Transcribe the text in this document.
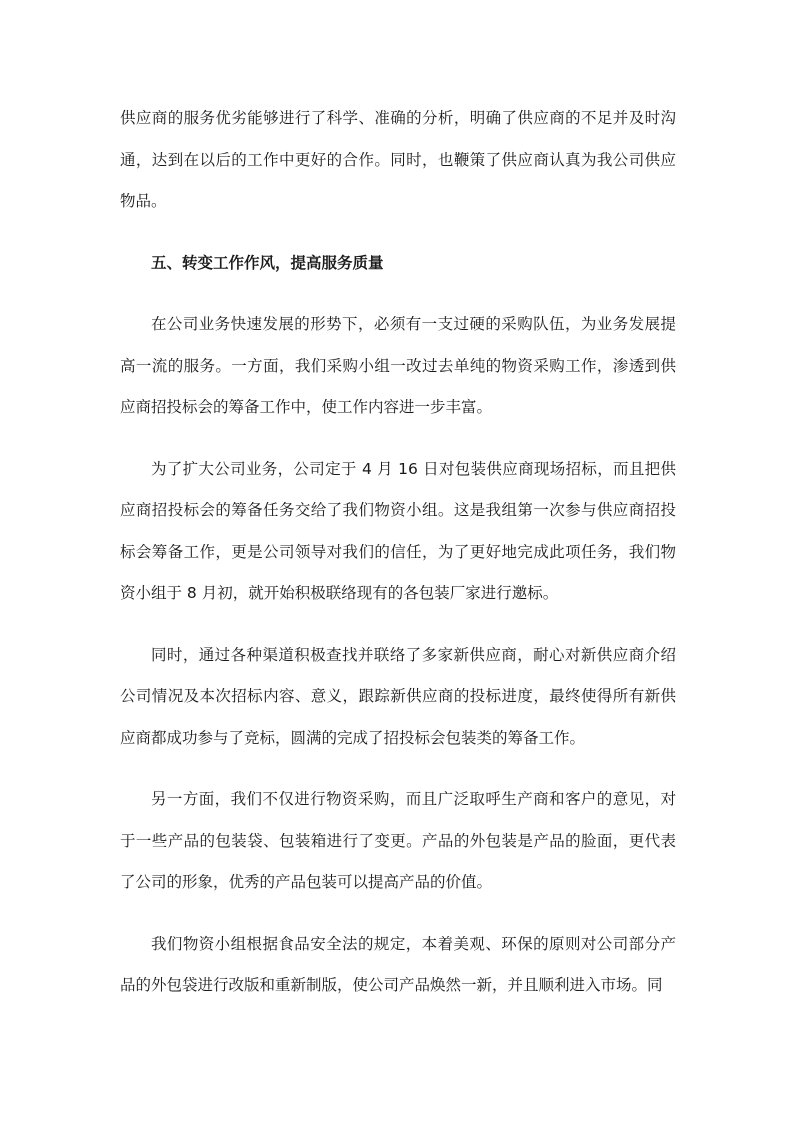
供应商的服务优劣能够进行了科学、准确的分析，明确了供应商的不足并及时沟通，达到在以后的工作中更好的合作。同时，也鞭策了供应商认真为我公司供应物品。

五、转变工作作风，提高服务质量

在公司业务快速发展的形势下，必须有一支过硬的采购队伍，为业务发展提高一流的服务。一方面，我们采购小组一改过去单纯的物资采购工作，渗透到供应商招投标会的筹备工作中，使工作内容进一步丰富。

为了扩大公司业务，公司定于 4 月 16 日对包装供应商现场招标，而且把供应商招投标会的筹备任务交给了我们物资小组。这是我组第一次参与供应商招投标会筹备工作，更是公司领导对我们的信任，为了更好地完成此项任务，我们物资小组于 8 月初，就开始积极联络现有的各包装厂家进行邀标。

同时，通过各种渠道积极查找并联络了多家新供应商，耐心对新供应商介绍公司情况及本次招标内容、意义，跟踪新供应商的投标进度，最终使得所有新供应商都成功参与了竞标，圆满的完成了招投标会包装类的筹备工作。

另一方面，我们不仅进行物资采购，而且广泛取呼生产商和客户的意见，对于一些产品的包装袋、包装箱进行了变更。产品的外包装是产品的脸面，更代表了公司的形象，优秀的产品包装可以提高产品的价值。

我们物资小组根据食品安全法的规定，本着美观、环保的原则对公司部分产品的外包袋进行改版和重新制版，使公司产品焕然一新，并且顺利进入市场。同
